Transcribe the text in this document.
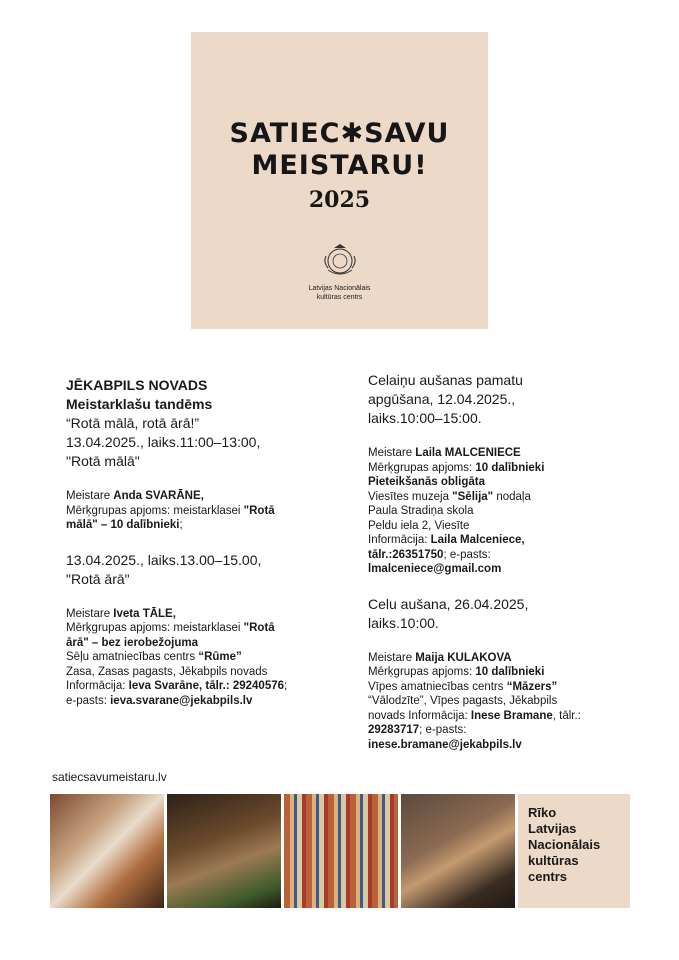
SATIEC✱SAVU
MEISTARU!
2025
Latvijas Nacionālais
kultūras centrs
JĒKABPILS NOVADS
Meistarklašu tandēms
“Rotā mālā, rotā ārā!”
13.04.2025., laiks.11:00–13:00,
"Rotā mālā"
Meistare Anda SVARĀNE,
Mērķgrupas apjoms: meistarklasei "Rotā
mālā" – 10 dalībnieki;
13.04.2025., laiks.13.00–15.00,
"Rotā ārā"
Meistare Iveta TĀLE,
Mērķgrupas apjoms: meistarklasei "Rotā
ārā" – bez ierobežojuma
Sēļu amatniecības centrs “Rūme”
Zasa, Zasas pagasts, Jēkabpils novads
Informācija: Ieva Svarāne, tālr.: 29240576;
e-pasts: ieva.svarane@jekabpils.lv
Celaiņu aušanas pamatu
apgūšana, 12.04.2025.,
laiks.10:00–15:00.
Meistare Laila MALCENIECE
Mērķgrupas apjoms: 10 dalībnieki
Pieteikšanās obligāta
Viesītes muzeja "Sēlija" nodaļa
Paula Stradiņa skola
Peldu iela 2, Viesīte
Informācija: Laila Malceniece,
tālr.:26351750; e-pasts:
lmalceniece@gmail.com
Celu aušana, 26.04.2025,
laiks.10:00.
Meistare Maija KULAKOVA
Mērķgrupas apjoms: 10 dalībnieki
Vīpes amatniecības centrs “Māzers”
“Vālodzīte”, Vīpes pagasts, Jēkabpils
novads Informācija: Inese Bramane, tālr.:
29283717; e-pasts:
inese.bramane@jekabpils.lv
satiecsavumeistaru.lv
Rīko
Latvijas
Nacionālais
kultūras
centrs
